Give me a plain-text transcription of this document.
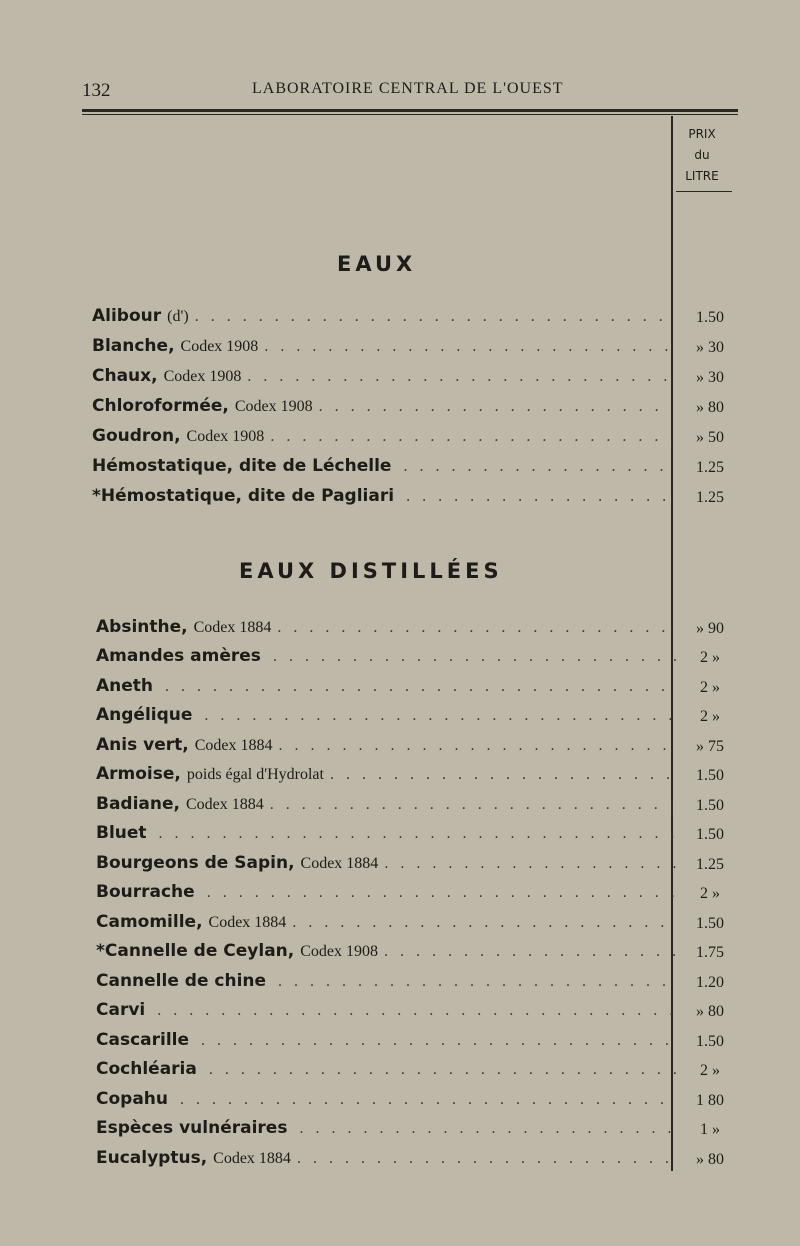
132	LABORATOIRE CENTRAL DE L'OUEST
PRIX
du
LITRE
EAUX
Alibour (d') . . .	1.50
Blanche, Codex 1908 . . .	» 30
Chaux, Codex 1908 . . .	» 30
Chloroformée, Codex 1908 . . .	» 80
Goudron, Codex 1908 . . .	» 50
Hémostatique, dite de Léchelle . . .	1.25
*Hémostatique, dite de Pagliari . . .	1.25
EAUX DISTILLÉES
Absinthe, Codex 1884 . . .	» 90
Amandes amères . . .	2 »
Aneth . . .	2 »
Angélique . . .	2 »
Anis vert, Codex 1884 . . .	» 75
Armoise, poids égal d'Hydrolat . . .	1.50
Badiane, Codex 1884 . . .	1.50
Bluet . . .	1.50
Bourgeons de Sapin, Codex 1884 . . .	1.25
Bourrache . . .	2 »
Camomille, Codex 1884 . . .	1.50
*Cannelle de Ceylan, Codex 1908 . . .	1.75
Cannelle de chine . . .	1.20
Carvi . . .	» 80
Cascarille . . .	1.50
Cochléaria . . .	2 »
Copahu . . .	1 80
Espèces vulnéraires . . .	1 »
Eucalyptus, Codex 1884 . . .	» 80
